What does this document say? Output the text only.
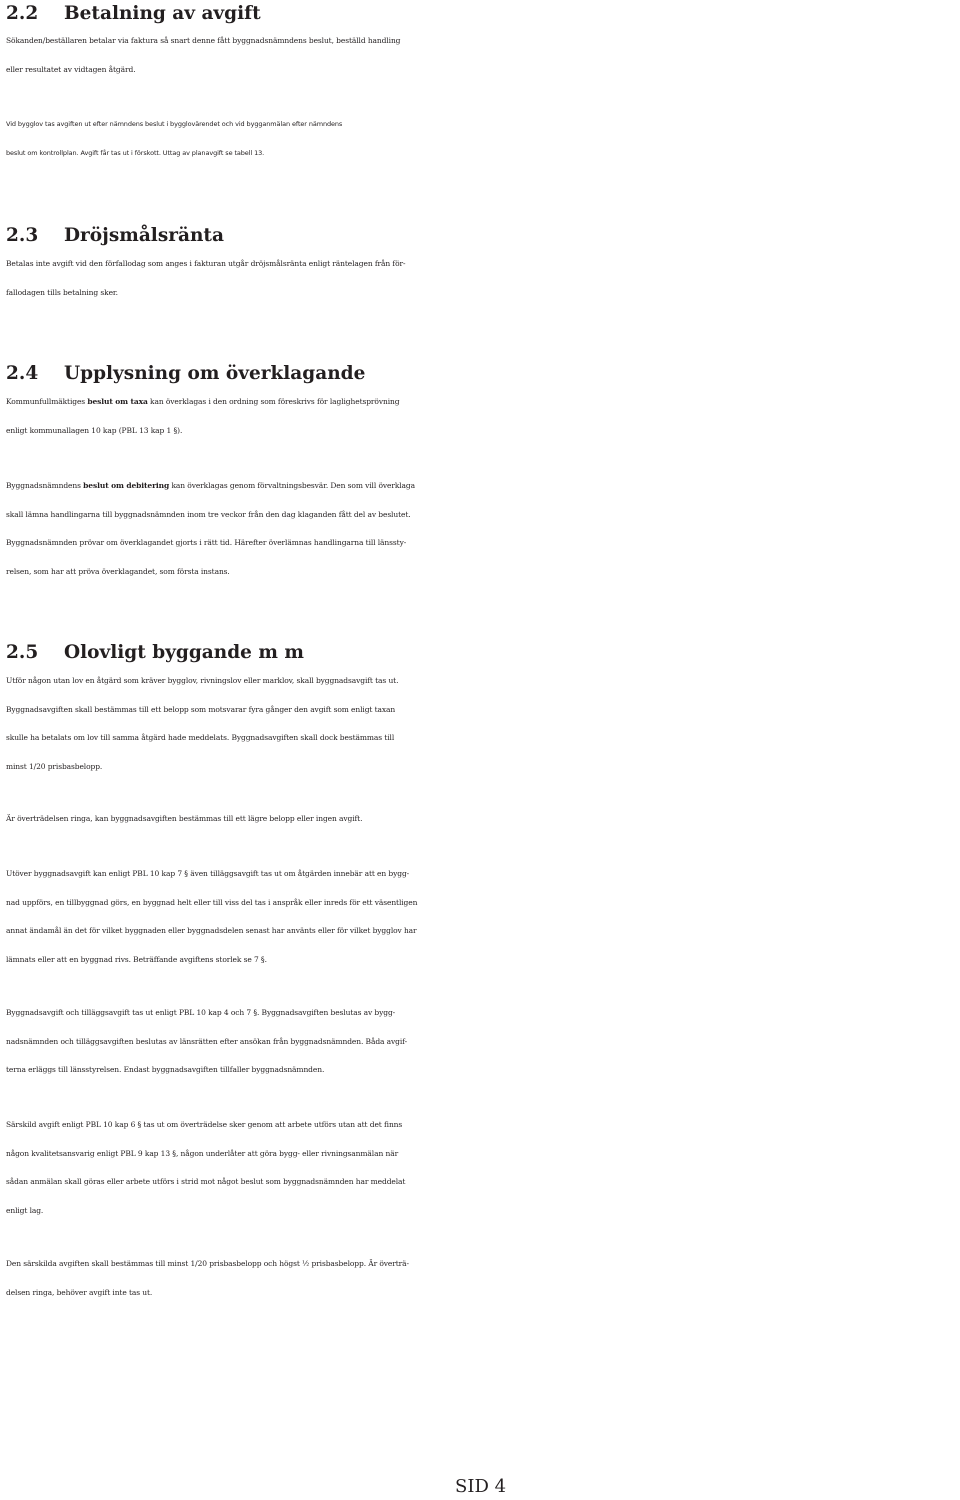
2.2 Betalning av avgift
Sökanden/beställaren betalar via faktura så snart denne fått byggnadsnämndens beslut, beställd handling
eller resultatet av vidtagen åtgärd.
Vid bygglov tas avgiften ut efter nämndens beslut i bygglovärendet och vid bygganmälan efter nämndens
beslut om kontrollplan. Avgift får tas ut i förskott. Uttag av planavgift se tabell 13.
2.3 Dröjsmålsränta
Betalas inte avgift vid den förfallodag som anges i fakturan utgår dröjsmålsränta enligt räntelagen från för-
fallodagen tills betalning sker.
2.4 Upplysning om överklagande
Kommunfullmäktiges beslut om taxa kan överklagas i den ordning som föreskrivs för laglighetsprövning
enligt kommunallagen 10 kap (PBL 13 kap 1 §).
Byggnadsnämndens beslut om debitering kan överklagas genom förvaltningsbesvär. Den som vill överklaga
skall lämna handlingarna till byggnadsnämnden inom tre veckor från den dag klaganden fått del av beslutet.
Byggnadsnämnden prövar om överklagandet gjorts i rätt tid. Härefter överlämnas handlingarna till länssty-
relsen, som har att pröva överklagandet, som första instans.
2.5 Olovligt byggande m m
Utför någon utan lov en åtgärd som kräver bygglov, rivningslov eller marklov, skall byggnadsavgift tas ut.
Byggnadsavgiften skall bestämmas till ett belopp som motsvarar fyra gånger den avgift som enligt taxan
skulle ha betalats om lov till samma åtgärd hade meddelats. Byggnadsavgiften skall dock bestämmas till
minst 1/20 prisbasbelopp.
Är överträdelsen ringa, kan byggnadsavgiften bestämmas till ett lägre belopp eller ingen avgift.
Utöver byggnadsavgift kan enligt PBL 10 kap 7 § även tilläggsavgift tas ut om åtgärden innebär att en bygg-
nad uppförs, en tillbyggnad görs, en byggnad helt eller till viss del tas i anspråk eller inreds för ett väsentligen
annat ändamål än det för vilket byggnaden eller byggnadsdelen senast har använts eller för vilket bygglov har
lämnats eller att en byggnad rivs. Beträffande avgiftens storlek se 7 §.
Byggnadsavgift och tilläggsavgift tas ut enligt PBL 10 kap 4 och 7 §. Byggnadsavgiften beslutas av bygg-
nadsnämnden och tilläggsavgiften beslutas av länsrätten efter ansökan från byggnadsnämnden. Båda avgif-
terna erläggs till länsstyrelsen. Endast byggnadsavgiften tillfaller byggnadsnämnden.
Särskild avgift enligt PBL 10 kap 6 § tas ut om överträdelse sker genom att arbete utförs utan att det finns
någon kvalitetsansvarig enligt PBL 9 kap 13 §, någon underlåter att göra bygg- eller rivningsanmälan när
sådan anmälan skall göras eller arbete utförs i strid mot något beslut som byggnadsnämnden har meddelat
enligt lag.
Den särskilda avgiften skall bestämmas till minst 1/20 prisbasbelopp och högst ½ prisbasbelopp. Är överträ-
delsen ringa, behöver avgift inte tas ut.
SID 4
